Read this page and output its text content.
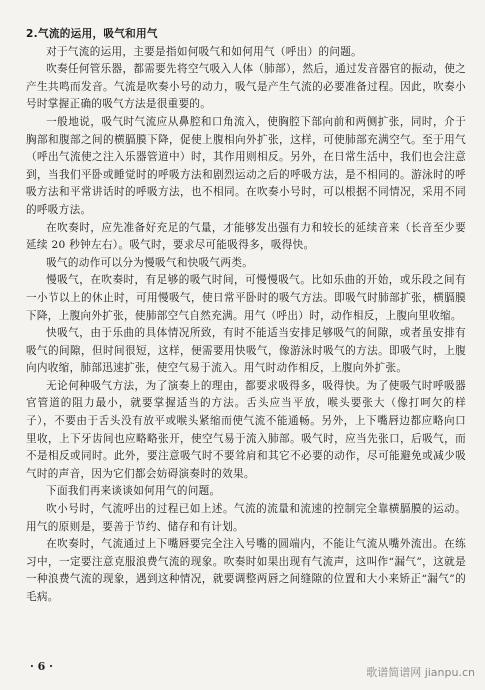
2.气流的运用，吸气和用气

对于气流的运用，主要是指如何吸气和如何用气（呼出）的问题。

吹奏任何管乐器，都需要先将空气吸入人体（肺部），然后，通过发音器官的振动，使之产生共鸣而发音。气流是吹奏小号的动力，吸气是产生气流的必要准备过程。因此，吹奏小号时掌握正确的吸气方法是很重要的。

一般地说，吸气时气流应从鼻腔和口角流入，使胸腔下部向前和两侧扩张，同时，介于胸部和腹部之间的横膈膜下降，促使上腹相向外扩张，这样，可使肺部充满空气。至于用气（呼出气流使之注入乐器管道中）时，其作用则相反。另外，在日常生活中，我们也会注意到，当我们平卧或睡觉时的呼吸方法和剧烈运动之后的呼吸方法，是不相同的。游泳时的呼吸方法和平常讲话时的呼吸方法，也不相同。在吹奏小号时，可以根据不同情况，采用不同的呼吸方法。

在吹奏时，应先准备好充足的气量，才能够发出强有力和较长的延续音来（长音至少要延续 20 秒钟左右）。吸气时，要求尽可能吸得多，吸得快。

吸气的动作可以分为慢吸气和快吸气两类。

慢吸气，在吹奏时，有足够的吸气时间，可慢慢吸气。比如乐曲的开始，或乐段之间有一小节以上的休止时，可用慢吸气，使日常平卧时的吸气方法。即吸气时肺部扩张，横膈膜下降，上腹向外扩张，使肺部空气自然充满。用气（呼出）时，动作相反，上腹向里收缩。

快吸气，由于乐曲的具体情况所致，有时不能适当安排足够吸气的间隙，或者虽安排有吸气的间隙，但时间很短，这样，便需要用快吸气，像游泳时吸气的方法。即吸气时，上腹向内收缩，肺部迅速扩张，使空气易于流入。用气时动作相反，上腹向外扩张。

无论何种吸气方法，为了演奏上的理由，都要求吸得多，吸得快。为了使吸气时呼吸器官管道的阻力最小，就要掌握适当的方法。舌头应当平放，喉头要张大（像打呵欠的样子），不要由于舌头没有放平或喉头紧缩而使气流不能通畅。另外，上下嘴唇边都应略向口里收，上下牙齿间也应略略张开，使空气易于流入肺部。吸气时，应当先张口，后吸气，而不是相反或同时。此外，要注意吸气时不要耸肩和其它不必要的动作，尽可能避免或减少吸气时的声音，因为它们都会妨碍演奏时的效果。

下面我们再来谈谈如何用气的问题。

吹小号时，气流呼出的过程已如上述。气流的流量和流速的控制完全靠横膈膜的运动。用气的原则是，要善于节约、储存和有计划。

在吹奏时，气流通过上下嘴唇要完全注入号嘴的圆端内，不能让气流从嘴外流出。在练习中，一定要注意克服浪费气流的现象。吹奏时如果出现有气流声，这叫作“漏气”，这就是一种浪费气流的现象，遇到这种情况，就要调整两唇之间缝隙的位置和大小来矫正“漏气”的毛病。

· 6 ·	歌谱简谱网 jianpu.cn
